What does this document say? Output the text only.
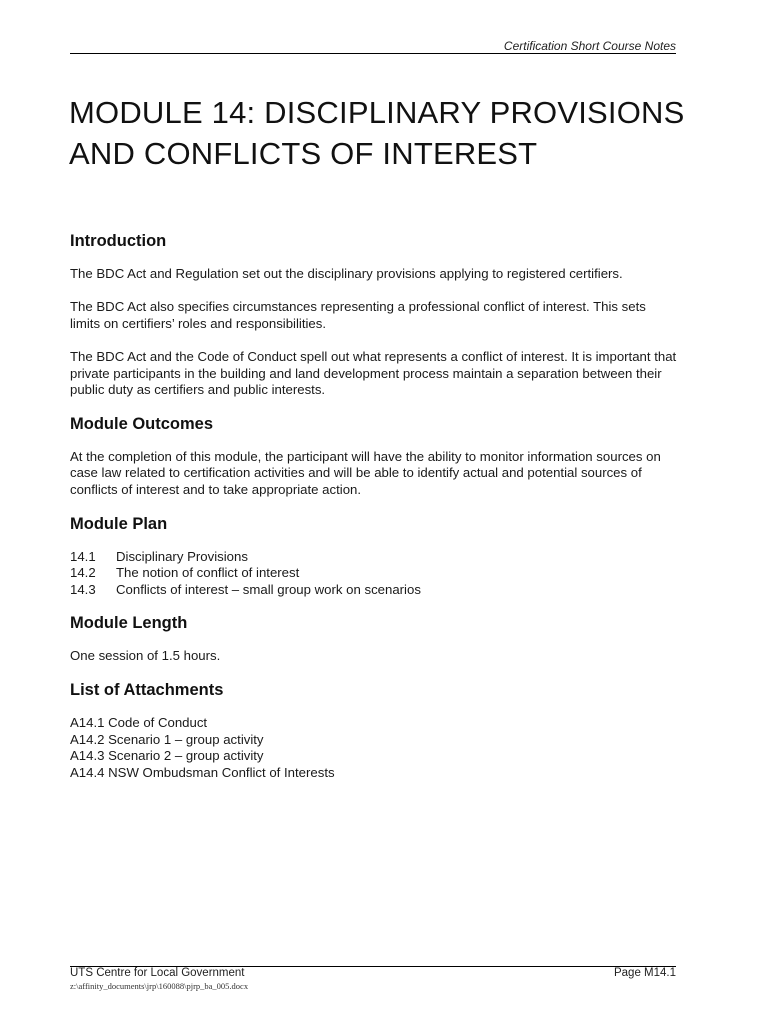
Certification Short Course Notes
MODULE 14: DISCIPLINARY PROVISIONS AND CONFLICTS OF INTEREST
Introduction

The BDC Act and Regulation set out the disciplinary provisions applying to registered certifiers.

The BDC Act also specifies circumstances representing a professional conflict of interest. This sets limits on certifiers’ roles and responsibilities.

The BDC Act and the Code of Conduct spell out what represents a conflict of interest. It is important that private participants in the building and land development process maintain a separation between their public duty as certifiers and public interests.

Module Outcomes

At the completion of this module, the participant will have the ability to monitor information sources on case law related to certification activities and will be able to identify actual and potential sources of conflicts of interest and to take appropriate action.

Module Plan
14.1	Disciplinary Provisions
14.2	The notion of conflict of interest
14.3	Conflicts of interest – small group work on scenarios
Module Length

One session of 1.5 hours.

List of Attachments
A14.1 Code of Conduct
A14.2 Scenario 1 – group activity
A14.3 Scenario 2 – group activity
A14.4 NSW Ombudsman Conflict of Interests
UTS Centre for Local Government	Page M14.1
z:\affinity_documents\jrp\160088\pjrp_ba_005.docx
